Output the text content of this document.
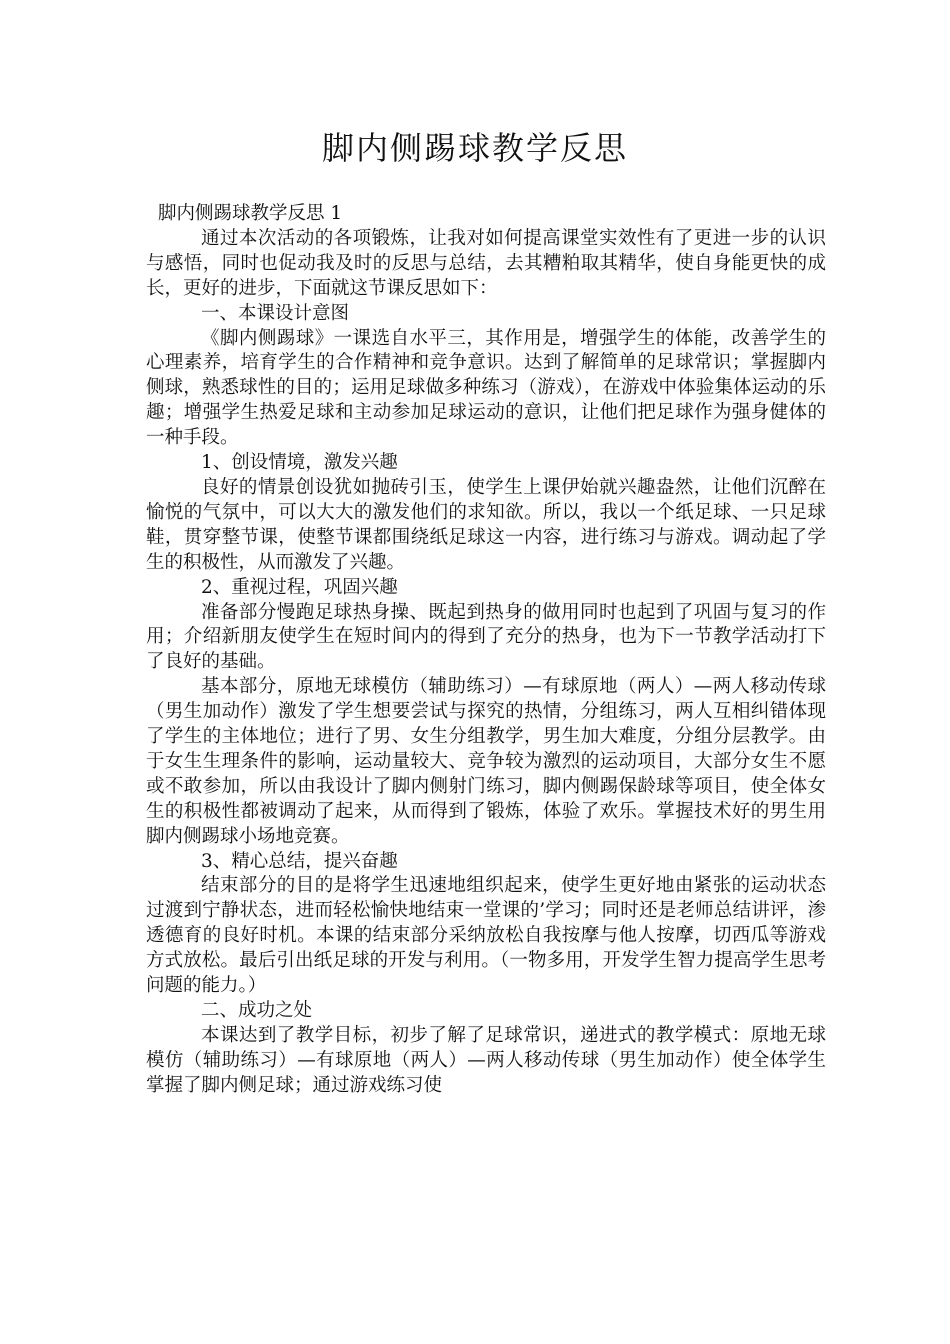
脚内侧踢球教学反思
脚内侧踢球教学反思 1

通过本次活动的各项锻炼，让我对如何提高课堂实效性有了更进一步的认识与感悟，同时也促动我及时的反思与总结，去其糟粕取其精华，使自身能更快的成长，更好的进步，下面就这节课反思如下：

一、本课设计意图

《脚内侧踢球》一课选自水平三，其作用是，增强学生的体能，改善学生的心理素养，培育学生的合作精神和竞争意识。达到了解简单的足球常识；掌握脚内侧球，熟悉球性的目的；运用足球做多种练习（游戏），在游戏中体验集体运动的乐趣；增强学生热爱足球和主动参加足球运动的意识，让他们把足球作为强身健体的一种手段。

1、创设情境，激发兴趣

良好的情景创设犹如抛砖引玉，使学生上课伊始就兴趣盎然，让他们沉醉在愉悦的气氛中，可以大大的激发他们的求知欲。所以，我以一个纸足球、一只足球鞋，贯穿整节课，使整节课都围绕纸足球这一内容，进行练习与游戏。调动起了学生的积极性，从而激发了兴趣。

2、重视过程，巩固兴趣

准备部分慢跑足球热身操、既起到热身的做用同时也起到了巩固与复习的作用；介绍新朋友使学生在短时间内的得到了充分的热身，也为下一节教学活动打下了良好的基础。

基本部分，原地无球模仿（辅助练习）—有球原地（两人）—两人移动传球（男生加动作）激发了学生想要尝试与探究的热情，分组练习，两人互相纠错体现了学生的主体地位；进行了男、女生分组教学，男生加大难度，分组分层教学。由于女生生理条件的影响，运动量较大、竞争较为激烈的运动项目，大部分女生不愿或不敢参加，所以由我设计了脚内侧射门练习，脚内侧踢保龄球等项目，使全体女生的积极性都被调动了起来，从而得到了锻炼，体验了欢乐。掌握技术好的男生用脚内侧踢球小场地竞赛。

3、精心总结，提兴奋趣

结束部分的目的是将学生迅速地组织起来，使学生更好地由紧张的运动状态过渡到宁静状态，进而轻松愉快地结束一堂课的’学习；同时还是老师总结讲评，渗透德育的良好时机。本课的结束部分采纳放松自我按摩与他人按摩，切西瓜等游戏方式放松。最后引出纸足球的开发与利用。（一物多用，开发学生智力提高学生思考问题的能力。）

二、成功之处

本课达到了教学目标，初步了解了足球常识，递进式的教学模式：原地无球模仿（辅助练习）—有球原地（两人）—两人移动传球（男生加动作）使全体学生掌握了脚内侧足球；通过游戏练习使
